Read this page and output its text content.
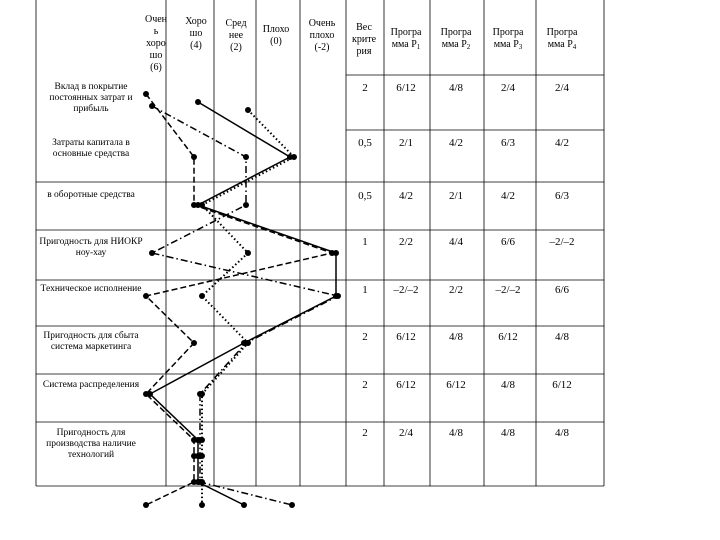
Очен
ь
хоро
шо
(6)
Хоро
шо
(4)
Сред
нее
(2)
Плохо
(0)
Очень
плохо
(-2)
Вес
крите
рия
Програ
мма $Р_1$
Програ
мма $Р_2$
Програ
мма $Р_3$
Програ
мма $Р_4$
Вклад в покрытие постоянных затрат и прибыль
2	6/12	4/8	2/4	2/4
Затраты капитала в основные средства
0,5 2/1	4/2	6/3	4/2
в оборотные средства	0,5 4/2	2/1	4/2	6/3
Пригодность для НИОКР ноу-хау
1	2/2	4/4	6/6	–2/–2
Техническое исполнение	1 –2/–2	2/2	–2/–2	6/6
Пригодность для сбыта система маркетинга
2	6/12	4/8	6/12	4/8
Система распределения	2	6/12	6/12	4/8	6/12
Пригодность для производства наличие технологий
2	2/4	4/8	4/8	4/8
